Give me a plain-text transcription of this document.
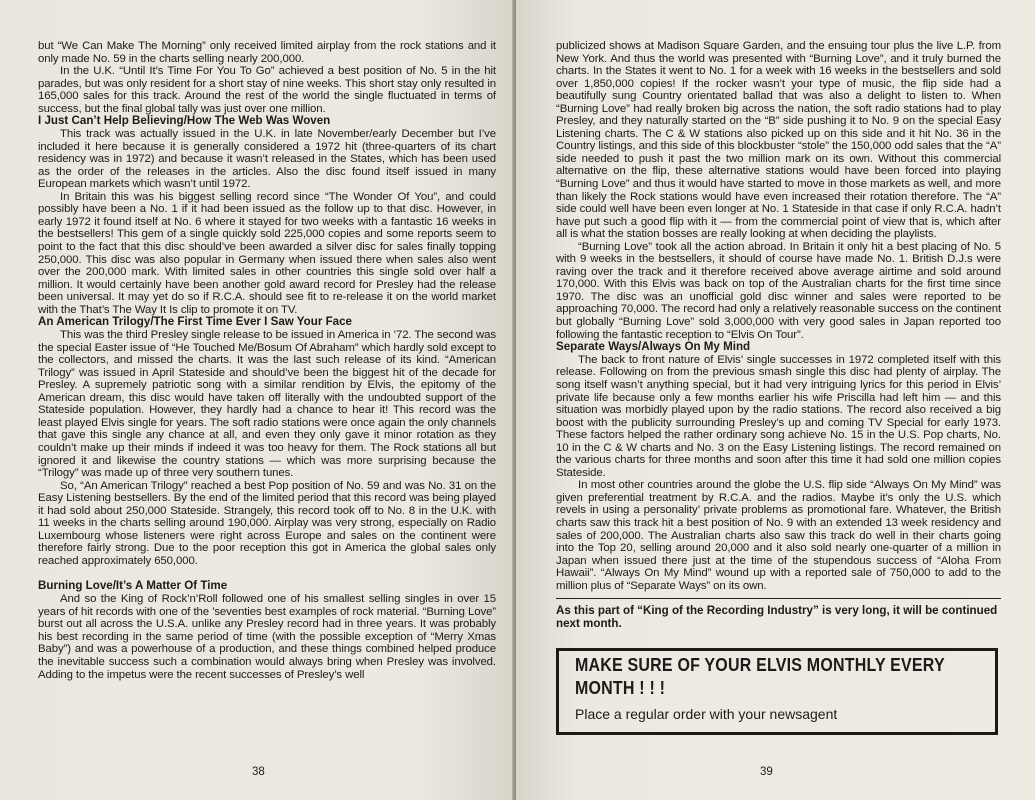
but “We Can Make The Morning” only received limited airplay from the rock stations and it only made No. 59 in the charts selling nearly 200,000.

In the U.K. “Until It’s Time For You To Go” achieved a best position of No. 5 in the hit parades, but was only resident for a short stay of nine weeks. This short stay only resulted in 165,000 sales for this track. Around the rest of the world the single fluctuated in terms of success, but the final global tally was just over one million.

I Just Can’t Help Believing/How The Web Was Woven

This track was actually issued in the U.K. in late November/early December but I’ve included it here because it is generally considered a 1972 hit (three-quarters of its chart residency was in 1972) and because it wasn’t released in the States, which has been used as the order of the releases in the articles. Also the disc found itself issued in many European markets which wasn’t until 1972.

In Britain this was his biggest selling record since “The Wonder Of You”, and could possibly have been a No. 1 if it had been issued as the follow up to that disc. However, in early 1972 it found itself at No. 6 where it stayed for two weeks with a fantastic 16 weeks in the bestsellers! This gem of a single quickly sold 225,000 copies and some reports seem to point to the fact that this disc should’ve been awarded a silver disc for sales finally topping 250,000. This disc was also popular in Germany when issued there when sales also went over the 200,000 mark. With limited sales in other countries this single sold over half a million. It would certainly have been another gold award record for Presley had the release been universal. It may yet do so if R.C.A. should see fit to re-release it on the world market with the That’s The Way It Is clip to promote it on TV.

An American Trilogy/The First Time Ever I Saw Your Face

This was the third Presley single release to be issued in America in ’72. The second was the special Easter issue of “He Touched Me/Bosum Of Abraham” which hardly sold except to the collectors, and missed the charts. It was the last such release of its kind. “American Trilogy” was issued in April Stateside and should’ve been the biggest hit of the decade for Presley. A supremely patriotic song with a similar rendition by Elvis, the epitomy of the American dream, this disc would have taken off literally with the undoubted support of the Stateside population. However, they hardly had a chance to hear it! This record was the least played Elvis single for years. The soft radio stations were once again the only channels that gave this single any chance at all, and even they only gave it minor rotation as they couldn’t make up their minds if indeed it was too heavy for them. The Rock stations all but ignored it and likewise the country stations — which was more surprising because the “Trilogy” was made up of three very southern tunes.

So, “An American Trilogy” reached a best Pop position of No. 59 and was No. 31 on the Easy Listening bestsellers. By the end of the limited period that this record was being played it had sold about 250,000 Stateside. Strangely, this record took off to No. 8 in the U.K. with 11 weeks in the charts selling around 190,000. Airplay was very strong, especially on Radio Luxembourg whose listeners were right across Europe and sales on the continent were therefore fairly strong. Due to the poor reception this got in America the global sales only reached approximately 650,000.

Burning Love/It’s A Matter Of Time

And so the King of Rock’n’Roll followed one of his smallest selling singles in over 15 years of hit records with one of the ’seventies best examples of rock material. “Burning Love” burst out all across the U.S.A. unlike any Presley record had in three years. It was probably his best recording in the same period of time (with the possible exception of “Merry Xmas Baby”) and was a powerhouse of a production, and these things combined helped produce the inevitable success such a combination would always bring when Presley was involved. Adding to the impetus were the recent successes of Presley’s well

38

publicized shows at Madison Square Garden, and the ensuing tour plus the live L.P. from New York. And thus the world was presented with “Burning Love”, and it truly burned the charts. In the States it went to No. 1 for a week with 16 weeks in the bestsellers and sold over 1,850,000 copies! If the rocker wasn’t your type of music, the flip side had a beautifully sung Country orientated ballad that was also a delight to listen to. When “Burning Love” had really broken big across the nation, the soft radio stations had to play Presley, and they naturally started on the “B” side pushing it to No. 9 on the special Easy Listening charts. The C & W stations also picked up on this side and it hit No. 36 in the Country listings, and this side of this blockbuster “stole” the 150,000 odd sales that the “A” side needed to push it past the two million mark on its own. Without this commercial alternative on the flip, these alternative stations would have been forced into playing “Burning Love” and thus it would have started to move in those markets as well, and more than likely the Rock stations would have even increased their rotation therefore. The “A” side could well have been even longer at No. 1 Stateside in that case if only R.C.A. hadn’t have put such a good flip with it — from the commercial point of view that is, which after all is what the station bosses are really looking at when deciding the playlists.

“Burning Love” took all the action abroad. In Britain it only hit a best placing of No. 5 with 9 weeks in the bestsellers, it should of course have made No. 1. British D.J.s were raving over the track and it therefore received above average airtime and sold around 170,000. With this Elvis was back on top of the Australian charts for the first time since 1970. The disc was an unofficial gold disc winner and sales were reported to be approaching 70,000. The record had only a relatively reasonable success on the continent but globally “Burning Love” sold 3,000,000 with very good sales in Japan reported too following the fantastic reception to “Elvis On Tour”.

Separate Ways/Always On My Mind

The back to front nature of Elvis’ single successes in 1972 completed itself with this release. Following on from the previous smash single this disc had plenty of airplay. The song itself wasn’t anything special, but it had very intriguing lyrics for this period in Elvis’ private life because only a few months earlier his wife Priscilla had left him — and this situation was morbidly played upon by the radio stations. The record also received a big boost with the publicity surrounding Presley’s up and coming TV Special for early 1973. These factors helped the rather ordinary song achieve No. 15 in the U.S. Pop charts, No. 10 in the C & W charts and No. 3 on the Easy Listening listings. The record remained on the various charts for three months and soon after this time it had sold one million copies Stateside.

In most other countries around the globe the U.S. flip side “Always On My Mind” was given preferential treatment by R.C.A. and the radios. Maybe it’s only the U.S. which revels in using a personality’ private problems as promotional fare. Whatever, the British charts saw this track hit a best position of No. 9 with an extended 13 week residency and sales of 200,000. The Australian charts also saw this track do well in their charts going into the Top 20, selling around 20,000 and it also sold nearly one-quarter of a million in Japan when issued there just at the time of the stupendous success of “Aloha From Hawaii”. “Always On My Mind” wound up with a reported sale of 750,000 to add to the million plus of “Separate Ways” on its own.

As this part of “King of the Recording Industry” is very long, it will be continued next month.
MAKE SURE OF YOUR ELVIS MONTHLY EVERY MONTH ! ! !
Place a regular order with your newsagent
39
